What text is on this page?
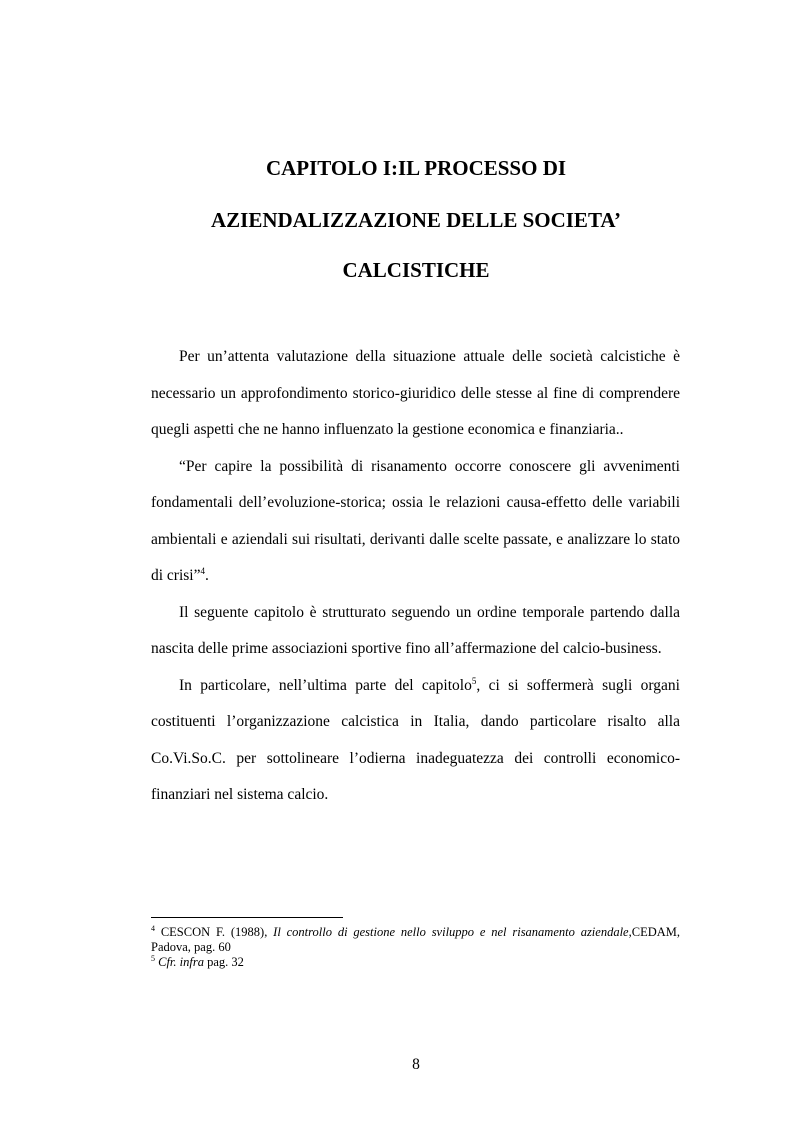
CAPITOLO I:IL PROCESSO DI
AZIENDALIZZAZIONE DELLE SOCIETA’
CALCISTICHE

Per un’attenta valutazione della situazione attuale delle società calcistiche è necessario un approfondimento storico-giuridico delle stesse al fine di comprendere quegli aspetti che ne hanno influenzato la gestione economica e finanziaria..

“Per capire la possibilità di risanamento occorre conoscere gli avvenimenti fondamentali dell’evoluzione-storica; ossia le relazioni causa-effetto delle variabili ambientali e aziendali sui risultati, derivanti dalle scelte passate, e analizzare lo stato di crisi”$^4$.

Il seguente capitolo è strutturato seguendo un ordine temporale partendo dalla nascita delle prime associazioni sportive fino all’affermazione del calcio-business.

In particolare, nell’ultima parte del capitolo$^5$, ci si soffermerà sugli organi costituenti l’organizzazione calcistica in Italia, dando particolare risalto alla Co.Vi.So.C. per sottolineare l’odierna inadeguatezza dei controlli economico-finanziari nel sistema calcio.

$^4$ CESCON F. (1988), Il controllo di gestione nello sviluppo e nel risanamento aziendale,CEDAM, Padova, pag. 60

$^5$ Cfr. infra pag. 32

8
